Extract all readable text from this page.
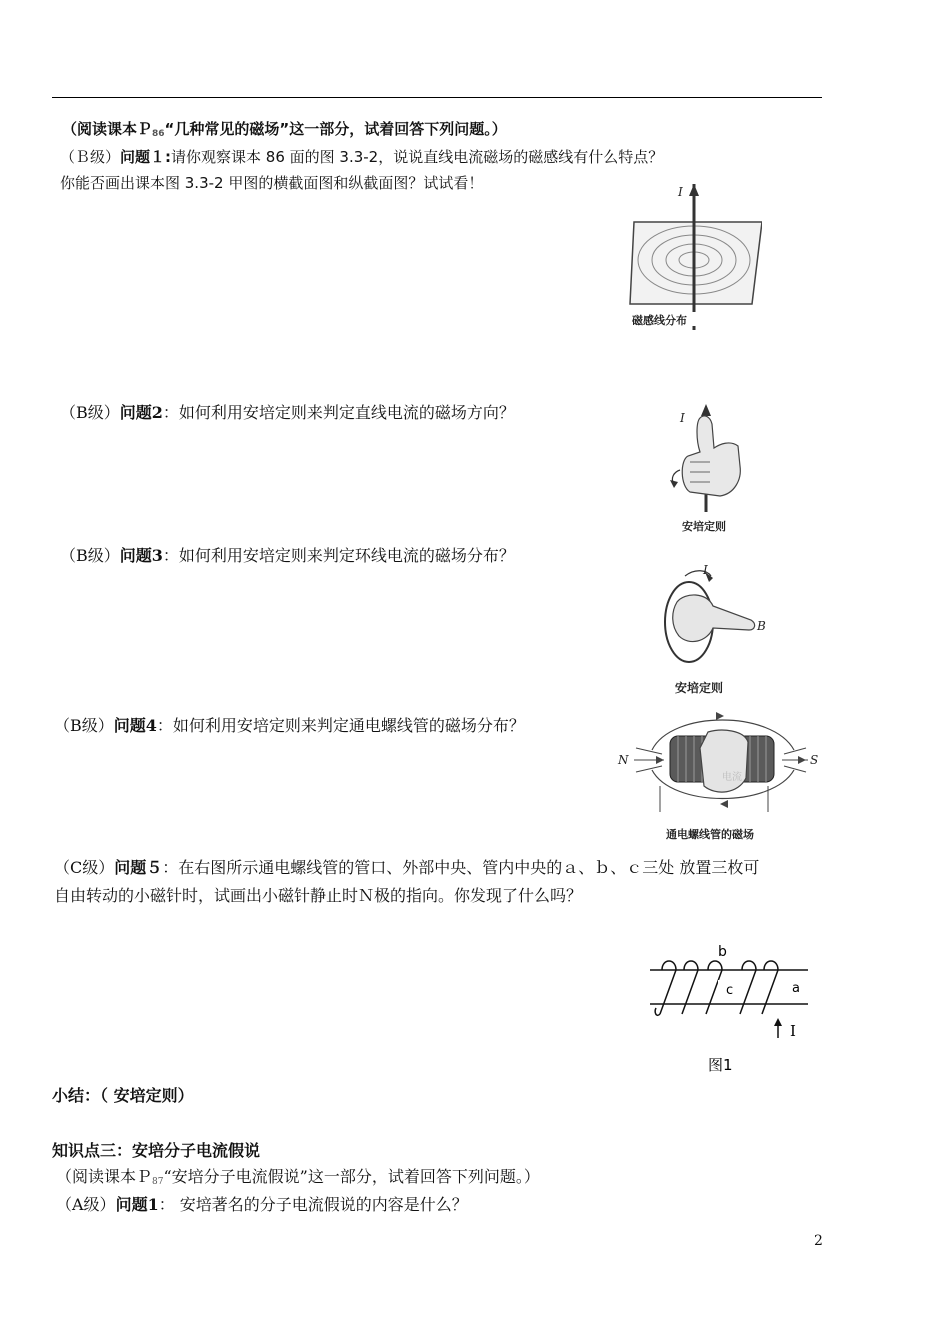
（阅读课本Ｐ$_{86}$“几种常见的磁场”这一部分，试着回答下列问题。）
（Ｂ级）问题１:请你观察课本 86 面的图 3.3-2，说说直线电流磁场的磁感线有什么特点？
你能否画出课本图 3.3-2 甲图的横截面图和纵截面图？试试看！	I
磁感线分布
（B级）问题2：如何利用安培定则来判定直线电流的磁场方向？	I
安培定则
（B级）问题3：如何利用安培定则来判定环线电流的磁场分布？
I
B
安培定则
（B级）问题4：如何利用安培定则来判定通电螺线管的磁场分布？
电流
N	S
通电螺线管的磁场
（C级）问题５：在右图所示通电螺线管的管口、外部中央、管内中央的ａ、ｂ、ｃ三处 放置三枚可
自由转动的小磁针时，试画出小磁针静止时Ｎ极的指向。你发现了什么吗？
b
c	a
I
图1
小结：（ 安培定则）
知识点三：安培分子电流假说
（阅读课本Ｐ$_{87}$“安培分子电流假说”这一部分，试着回答下列问题。）
（A级）问题1： 安培著名的分子电流假说的内容是什么？
2
